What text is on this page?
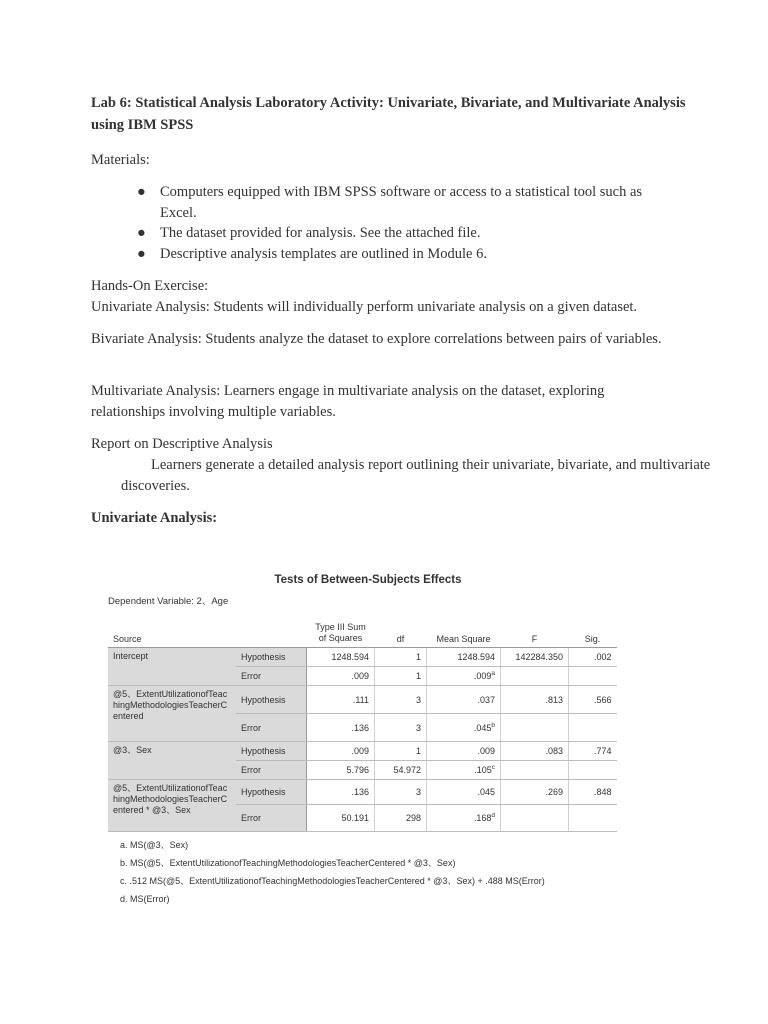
Lab 6: Statistical Analysis Laboratory Activity: Univariate, Bivariate, and Multivariate Analysis using IBM SPSS
Materials:
● Computers equipped with IBM SPSS software or access to a statistical tool such as Excel.
● The dataset provided for analysis. See the attached file.
● Descriptive analysis templates are outlined in Module 6.
Hands-On Exercise:
Univariate Analysis: Students will individually perform univariate analysis on a given dataset.
Bivariate Analysis: Students analyze the dataset to explore correlations between pairs of variables.
Multivariate Analysis: Learners engage in multivariate analysis on the dataset, exploring relationships involving multiple variables.
Report on Descriptive Analysis
Learners generate a detailed analysis report outlining their univariate, bivariate, and multivariate discoveries.
Univariate Analysis:
Tests of Between-Subjects Effects
Dependent Variable: 2、Age
Source		Type III Sum of Squares	df	Mean Square	F	Sig.
Intercept	Hypothesis	1248.594	1	1248.594	142284.350	.002
	Error	.009	1	.009$^a$		
@5、ExtentUtilizationofTeachingMethodologiesTeacherCentered	Hypothesis	.111	3	.037	.813	.566
	Error	.136	3	.045$^b$		
@3、Sex	Hypothesis	.009	1	.009	.083	.774
	Error	5.796	54.972	.105$^c$		
@5、ExtentUtilizationofTeachingMethodologiesTeacherCentered * @3、Sex	Hypothesis	.136	3	.045	.269	.848
	Error	50.191	298	.168$^d$		
a. MS(@3、Sex)
b. MS(@5、ExtentUtilizationofTeachingMethodologiesTeacherCentered * @3、Sex)
c. .512 MS(@5、ExtentUtilizationofTeachingMethodologiesTeacherCentered * @3、Sex) + .488 MS(Error)
d. MS(Error)
